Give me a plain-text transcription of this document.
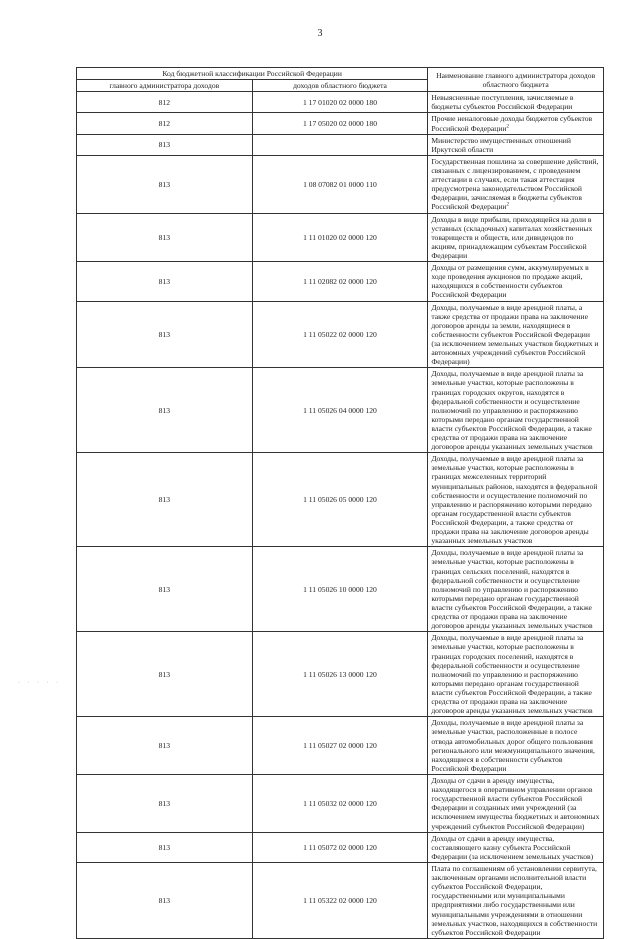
3
Код бюджетной классификации Российской Федерации		Наименование главного администратора доходов областного бюджета
главного администратора доходов	доходов областного бюджета	
812	1 17 01020 02 0000 180	Невыясненные поступления, зачисляемые в бюджеты субъектов Российской Федерации
812	1 17 05020 02 0000 180	Прочие неналоговые доходы бюджетов субъектов Российской Федерации$^2$
813		Министерство имущественных отношений Иркутской области
813	1 08 07082 01 0000 110	Государственная пошлина за совершение действий, связанных с лицензированием, с проведением аттестации в случаях, если такая аттестация предусмотрена законодательством Российской Федерации, зачисляемая в бюджеты субъектов Российской Федерации$^2$
813	1 11 01020 02 0000 120	Доходы в виде прибыли, приходящейся на доли в уставных (складочных) капиталах хозяйственных товариществ и обществ, или дивидендов по акциям, принадлежащим субъектам Российской Федерации
813	1 11 02082 02 0000 120	Доходы от размещения сумм, аккумулируемых в ходе проведения аукционов по продаже акций, находящихся в собственности субъектов Российской Федерации
813	1 11 05022 02 0000 120	Доходы, получаемые в виде арендной платы, а также средства от продажи права на заключение договоров аренды за земли, находящиеся в собственности субъектов Российской Федерации (за исключением земельных участков бюджетных и автономных учреждений субъектов Российской Федерации)
813	1 11 05026 04 0000 120	Доходы, получаемые в виде арендной платы за земельные участки, которые расположены в границах городских округов, находятся в федеральной собственности и осуществление полномочий по управлению и распоряжению которыми передано органам государственной власти субъектов Российской Федерации, а также средства от продажи права на заключение договоров аренды указанных земельных участков
813	1 11 05026 05 0000 120	Доходы, получаемые в виде арендной платы за земельные участки, которые расположены в границах межселенных территорий муниципальных районов, находятся в федеральной собственности и осуществление полномочий по управлению и распоряжению которыми передано органам государственной власти субъектов Российской Федерации, а также средства от продажи права на заключение договоров аренды указанных земельных участков
813	1 11 05026 10 0000 120	Доходы, получаемые в виде арендной платы за земельные участки, которые расположены в границах сельских поселений, находятся в федеральной собственности и осуществление полномочий по управлению и распоряжению которыми передано органам государственной власти субъектов Российской Федерации, а также средства от продажи права на заключение договоров аренды указанных земельных участков
813	1 11 05026 13 0000 120	Доходы, получаемые в виде арендной платы за земельные участки, которые расположены в границах городских поселений, находятся в федеральной собственности и осуществление полномочий по управлению и распоряжению которыми передано органам государственной власти субъектов Российской Федерации, а также средства от продажи права на заключение договоров аренды указанных земельных участков
813	1 11 05027 02 0000 120	Доходы, получаемые в виде арендной платы за земельные участки, расположенные в полосе отвода автомобильных дорог общего пользования регионального или межмуниципального значения, находящиеся в собственности субъектов Российской Федерации
813	1 11 05032 02 0000 120	Доходы от сдачи в аренду имущества, находящегося в оперативном управлении органов государственной власти субъектов Российской Федерации и созданных ими учреждений (за исключением имущества бюджетных и автономных учреждений субъектов Российской Федерации)
813	1 11 05072 02 0000 120	Доходы от сдачи в аренду имущества, составляющего казну субъекта Российской Федерации (за исключением земельных участков)
813	1 11 05322 02 0000 120	Плата по соглашениям об установлении сервитута, заключенным органами исполнительной власти субъектов Российской Федерации, государственными или муниципальными предприятиями либо государственными или муниципальными учреждениями в отношении земельных участков, находящихся в собственности субъектов Российской Федерации
· · · · ·
